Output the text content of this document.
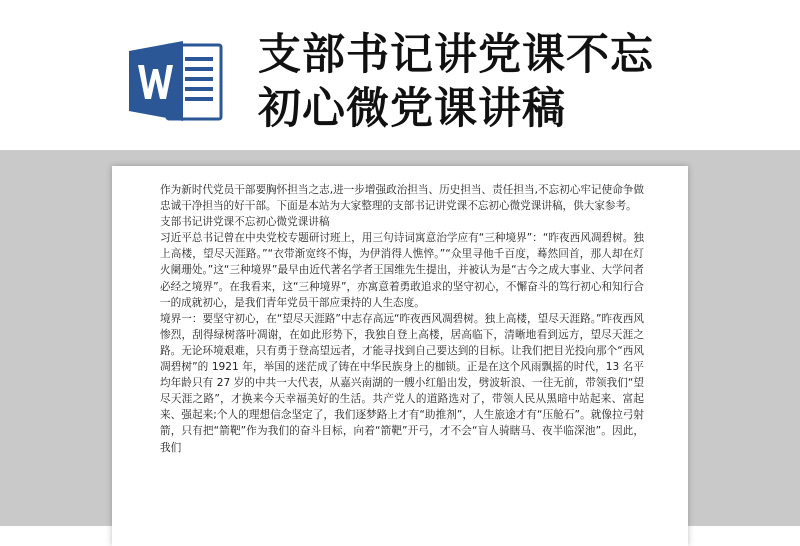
支部书记讲党课不忘
初心微党课讲稿

作为新时代党员干部要胸怀担当之志,进一步增强政治担当、历史担当、责任担当,不忘初心牢记使命争做忠诚干净担当的好干部。下面是本站为大家整理的支部书记讲党课不忘初心微党课讲稿，供大家参考。

支部书记讲党课不忘初心微党课讲稿

习近平总书记曾在中央党校专题研讨班上，用三句诗词寓意治学应有“三种境界”：“昨夜西风凋碧树。独上高楼，望尽天涯路。”“衣带渐宽终不悔，为伊消得人憔悴。”“众里寻他千百度，蓦然回首，那人却在灯火阑珊处。”这“三种境界”最早由近代著名学者王国维先生提出，并被认为是“古今之成大事业、大学问者必经之境界”。在我看来，这“三种境界”，亦寓意着勇敢追求的坚守初心，不懈奋斗的笃行初心和知行合一的成就初心，是我们青年党员干部应秉持的人生态度。

境界一：要坚守初心，在“望尽天涯路”中志存高远“昨夜西风凋碧树。独上高楼，望尽天涯路。”昨夜西风惨烈，刮得绿树落叶凋谢，在如此形势下，我独自登上高楼，居高临下，清晰地看到远方，望尽天涯之路。无论环境艰难，只有勇于登高望远者，才能寻找到自己要达到的目标。让我们把目光投向那个“西风凋碧树”的 1921 年，举国的迷茫成了铸在中华民族身上的枷锁。正是在这个风雨飘摇的时代，13 名平均年龄只有 27 岁的中共一大代表，从嘉兴南湖的一艘小红船出发，劈波斩浪、一往无前，带领我们“望尽天涯之路”，才换来今天幸福美好的生活。共产党人的道路选对了，带领人民从黑暗中站起来、富起来、强起来;个人的理想信念坚定了，我们逐梦路上才有“助推剂”，人生旅途才有“压舱石”。就像拉弓射箭，只有把“箭靶”作为我们的奋斗目标，向着“箭靶”开弓，才不会“盲人骑瞎马、夜半临深池”。因此，我们
